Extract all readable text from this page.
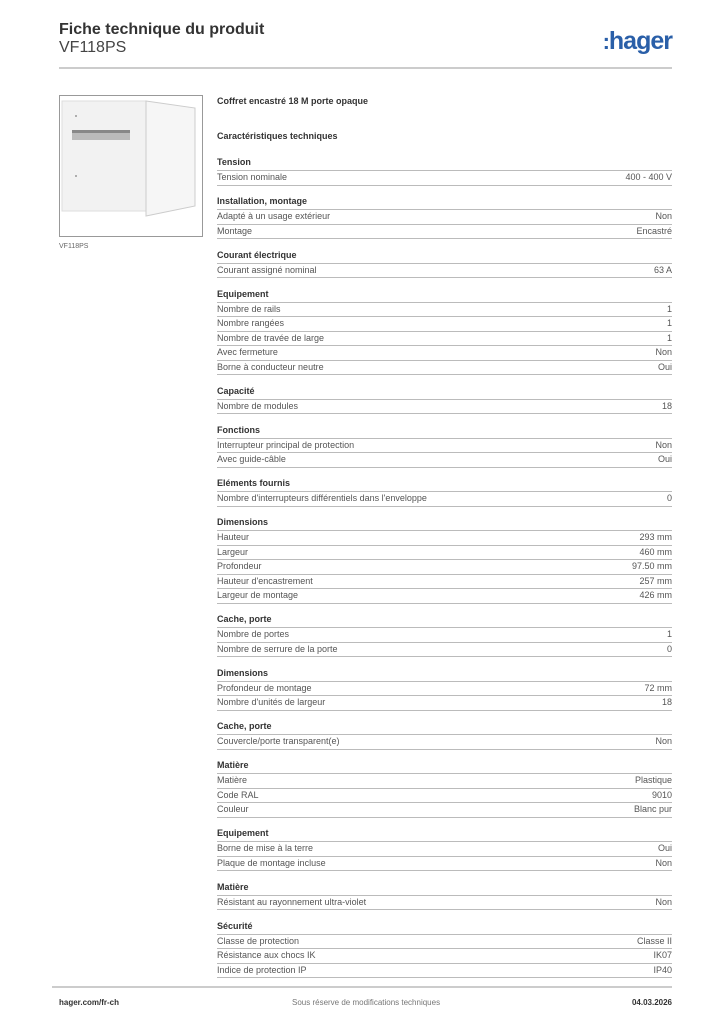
Fiche technique du produit
VF118PS	:hager
VF118PS
Coffret encastré 18 M porte opaque
Caractéristiques techniques
Tension
Tension nominale	400 - 400 V
Installation, montage
Adapté à un usage extérieur	Non
Montage	Encastré
Courant électrique
Courant assigné nominal	63 A
Equipement
Nombre de rails	1
Nombre rangées	1
Nombre de travée de large	1
Avec fermeture	Non
Borne à conducteur neutre	Oui
Capacité
Nombre de modules	18
Fonctions
Interrupteur principal de protection	Non
Avec guide-câble	Oui
Eléments fournis
Nombre d'interrupteurs différentiels dans l'enveloppe	0
Dimensions
Hauteur	293 mm
Largeur	460 mm
Profondeur	97.50 mm
Hauteur d'encastrement	257 mm
Largeur de montage	426 mm
Cache, porte
Nombre de portes	1
Nombre de serrure de la porte	0
Dimensions
Profondeur de montage	72 mm
Nombre d'unités de largeur	18
Cache, porte
Couvercle/porte transparent(e)	Non
Matière
Matière	Plastique
Code RAL	9010
Couleur	Blanc pur
Equipement
Borne de mise à la terre	Oui
Plaque de montage incluse	Non
Matière
Résistant au rayonnement ultra-violet	Non
Sécurité
Classe de protection	Classe II
Résistance aux chocs IK	IK07
Indice de protection IP	IP40
hager.com/fr-ch	Sous réserve de modifications techniques	04.03.2026
